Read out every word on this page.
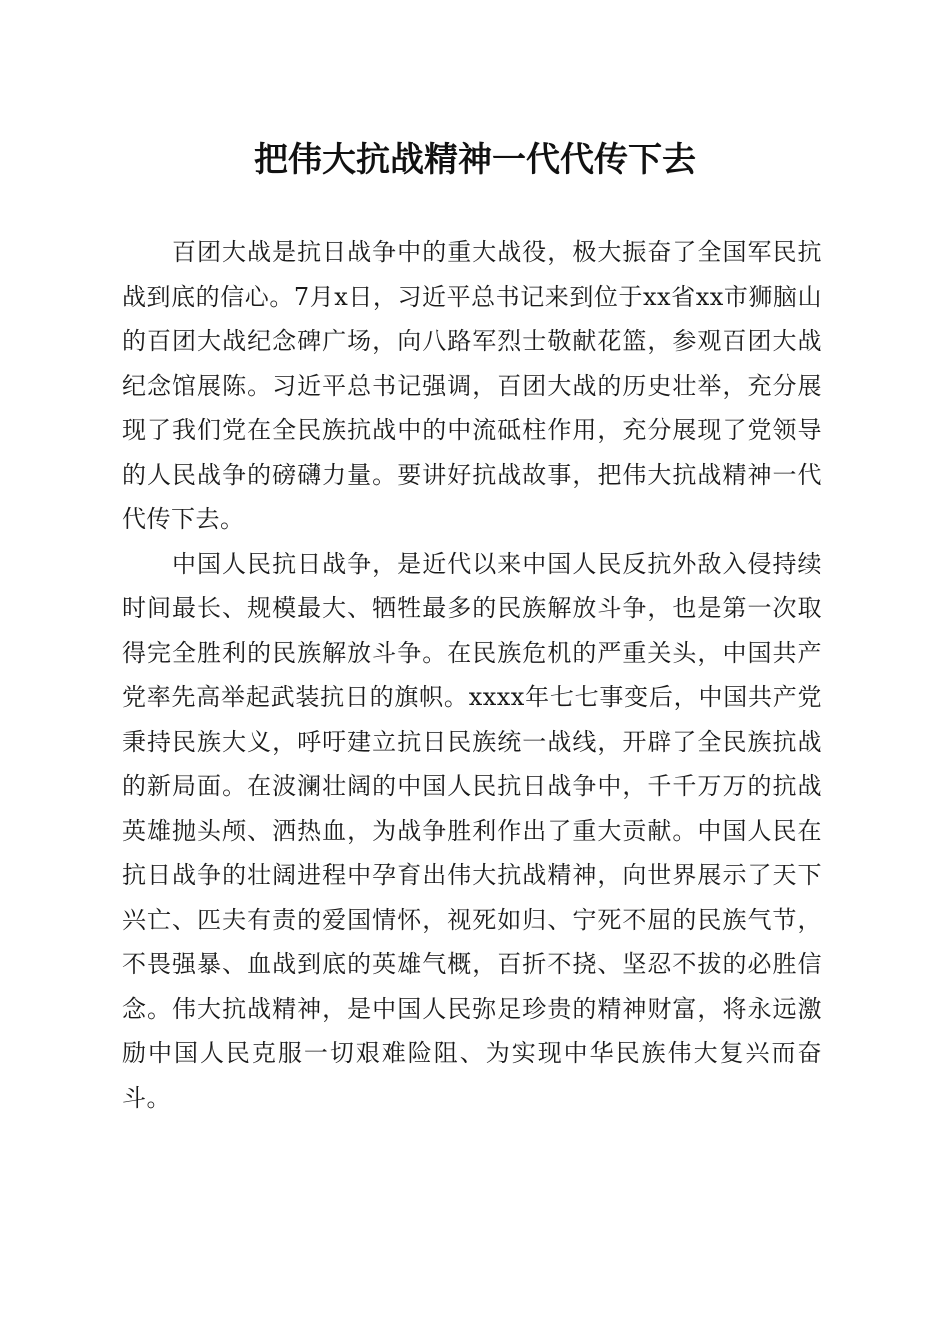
把伟大抗战精神一代代传下去

百团大战是抗日战争中的重大战役，极大振奋了全国军民抗战到底的信心。7月x日，习近平总书记来到位于xx省xx市狮脑山的百团大战纪念碑广场，向八路军烈士敬献花篮，参观百团大战纪念馆展陈。习近平总书记强调，百团大战的历史壮举，充分展现了我们党在全民族抗战中的中流砥柱作用，充分展现了党领导的人民战争的磅礴力量。要讲好抗战故事，把伟大抗战精神一代代传下去。

中国人民抗日战争，是近代以来中国人民反抗外敌入侵持续时间最长、规模最大、牺牲最多的民族解放斗争，也是第一次取得完全胜利的民族解放斗争。在民族危机的严重关头，中国共产党率先高举起武装抗日的旗帜。xxxx年七七事变后，中国共产党秉持民族大义，呼吁建立抗日民族统一战线，开辟了全民族抗战的新局面。在波澜壮阔的中国人民抗日战争中，千千万万的抗战英雄抛头颅、洒热血，为战争胜利作出了重大贡献。中国人民在抗日战争的壮阔进程中孕育出伟大抗战精神，向世界展示了天下兴亡、匹夫有责的爱国情怀，视死如归、宁死不屈的民族气节，不畏强暴、血战到底的英雄气概，百折不挠、坚忍不拔的必胜信念。伟大抗战精神，是中国人民弥足珍贵的精神财富，将永远激励中国人民克服一切艰难险阻、为实现中华民族伟大复兴而奋斗。
